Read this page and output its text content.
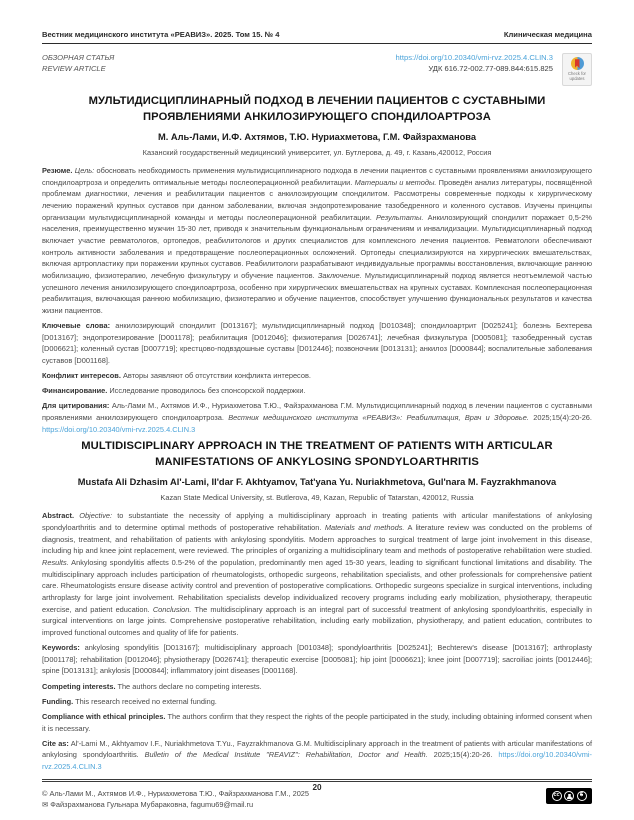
Вестник медицинского института «РЕАВИЗ». 2025. Том 15. № 4	Клиническая медицина
ОБЗОРНАЯ СТАТЬЯ
REVIEW ARTICLE
https://doi.org/10.20340/vmi-rvz.2025.4.CLIN.3
УДК 616.72-002.77-089.844:615.825
Check for updates
МУЛЬТИДИСЦИПЛИНАРНЫЙ ПОДХОД В ЛЕЧЕНИИ ПАЦИЕНТОВ С СУСТАВНЫМИ ПРОЯВЛЕНИЯМИ АНКИЛОЗИРУЮЩЕГО СПОНДИЛОАРТРОЗА
М. Аль-Лами, И.Ф. Ахтямов, Т.Ю. Нуриахметова, Г.М. Файзрахманова
Казанский государственный медицинский университет, ул. Бутлерова, д. 49, г. Казань,420012, Россия

Резюме. Цель: обосновать необходимость применения мультидисциплинарного подхода в лечении пациентов с суставными проявлениями анкилозирующего спондилоартроза и определить оптимальные методы послеоперационной реабилитации. Материалы и методы. Проведён анализ литературы, посвящённой проблемам диагностики, лечения и реабилитации пациентов с анкилозирующим спондилитом. Рассмотрены современные подходы к хирургическому лечению поражений крупных суставов при данном заболевании, включая эндопротезирование тазобедренного и коленного суставов. Изучены принципы организации мультидисциплинарной команды и методы послеоперационной реабилитации. Результаты. Анкилозирующий спондилит поражает 0,5-2% населения, преимущественно мужчин 15-30 лет, приводя к значительным функциональным ограничениям и инвалидизации. Мультидисциплинарный подход включает участие ревматологов, ортопедов, реабилитологов и других специалистов для комплексного лечения пациентов. Ревматологи обеспечивают контроль активности заболевания и предотвращение послеоперационных осложнений. Ортопеды специализируются на хирургических вмешательствах, включая артропластику при поражении крупных суставов. Реабилитологи разрабатывают индивидуальные программы восстановления, включающие раннюю мобилизацию, физиотерапию, лечебную физкультуру и обучение пациентов. Заключение. Мультидисциплинарный подход является неотъемлемой частью успешного лечения анкилозирующего спондилоартроза, особенно при хирургических вмешательствах на крупных суставах. Комплексная послеоперационная реабилитация, включающая раннюю мобилизацию, физиотерапию и обучение пациентов, способствует улучшению функциональных результатов и качества жизни пациентов.

Ключевые слова: анкилозирующий спондилит [D013167]; мультидисциплинарный подход [D010348]; спондилоартрит [D025241]; болезнь Бехтерева [D013167]; эндопротезирование [D001178]; реабилитация [D012046]; физиотерапия [D026741]; лечебная физкультура [D005081]; тазобедренный сустав [D006621]; коленный сустав [D007719]; крестцово-подвздошные суставы [D012446]; позвоночник [D013131]; анкилоз [D000844]; воспалительные заболевания суставов [D001168].

Конфликт интересов. Авторы заявляют об отсутствии конфликта интересов.

Финансирование. Исследование проводилось без спонсорской поддержки.

Для цитирования: Аль-Лами М., Ахтямов И.Ф., Нуриахметова Т.Ю., Файзрахманова Г.М. Мультидисциплинарный подход в лечении пациентов с суставными проявлениями анкилозирующего спондилоартроза. Вестник медицинского института «РЕАВИЗ»: Реабилитация, Врач и Здоровье. 2025;15(4):20-26. https://doi.org/10.20340/vmi-rvz.2025.4.CLIN.3

MULTIDISCIPLINARY APPROACH IN THE TREATMENT OF PATIENTS WITH ARTICULAR MANIFESTATIONS OF ANKYLOSING SPONDYLOARTHRITIS
Mustafa Ali Dzhasim Al'-Lami, Il'dar F. Akhtyamov, Tat'yana Yu. Nuriakhmetova, Gul'nara M. Fayzrakhmanova
Kazan State Medical University, st. Butlerova, 49, Kazan, Republic of Tatarstan, 420012, Russia

Abstract. Objective: to substantiate the necessity of applying a multidisciplinary approach in treating patients with articular manifestations of ankylosing spondyloarthritis and to determine optimal methods of postoperative rehabilitation. Materials and methods. A literature review was conducted on the problems of diagnosis, treatment, and rehabilitation of patients with ankylosing spondylitis. Modern approaches to surgical treatment of large joint involvement in this disease, including hip and knee joint replacement, were reviewed. The principles of organizing a multidisciplinary team and methods of postoperative rehabilitation were studied. Results. Ankylosing spondylitis affects 0.5-2% of the population, predominantly men aged 15-30 years, leading to significant functional limitations and disability. The multidisciplinary approach includes participation of rheumatologists, orthopedic surgeons, rehabilitation specialists, and other professionals for comprehensive patient care. Rheumatologists ensure disease activity control and prevention of postoperative complications. Orthopedic surgeons specialize in surgical interventions, including arthroplasty for large joint involvement. Rehabilitation specialists develop individualized recovery programs including early mobilization, physiotherapy, therapeutic exercise, and patient education. Conclusion. The multidisciplinary approach is an integral part of successful treatment of ankylosing spondyloarthritis, especially in surgical interventions on large joints. Comprehensive postoperative rehabilitation, including early mobilization, physiotherapy, and patient education, contributes to improved functional outcomes and quality of life for patients.

Keywords: ankylosing spondylitis [D013167]; multidisciplinary approach [D010348]; spondyloarthritis [D025241]; Bechterew's disease [D013167]; arthroplasty [D001178]; rehabilitation [D012046]; physiotherapy [D026741]; therapeutic exercise [D005081]; hip joint [D006621]; knee joint [D007719]; sacroiliac joints [D012446]; spine [D013131]; ankylosis [D000844]; inflammatory joint diseases [D001168].

Competing interests. The authors declare no competing interests.

Funding. This research received no external funding.

Compliance with ethical principles. The authors confirm that they respect the rights of the people participated in the study, including obtaining informed consent when it is necessary.

Cite as: Al'-Lami M., Akhtyamov I.F., Nuriakhmetova T.Yu., Fayzrakhmanova G.M. Multidisciplinary approach in the treatment of patients with articular manifestations of ankylosing spondyloarthritis. Bulletin of the Medical Institute "REAVIZ": Rehabilitation, Doctor and Health. 2025;15(4):20-26. https://doi.org/10.20340/vmi-rvz.2025.4.CLIN.3

© Аль-Лами М., Ахтямов И.Ф., Нуриахметова Т.Ю., Файзрахманова Г.М., 2025
✉ Файзрахманова Гульнара Мубараковна, fagumu69@mail.ru
cc	$
20
